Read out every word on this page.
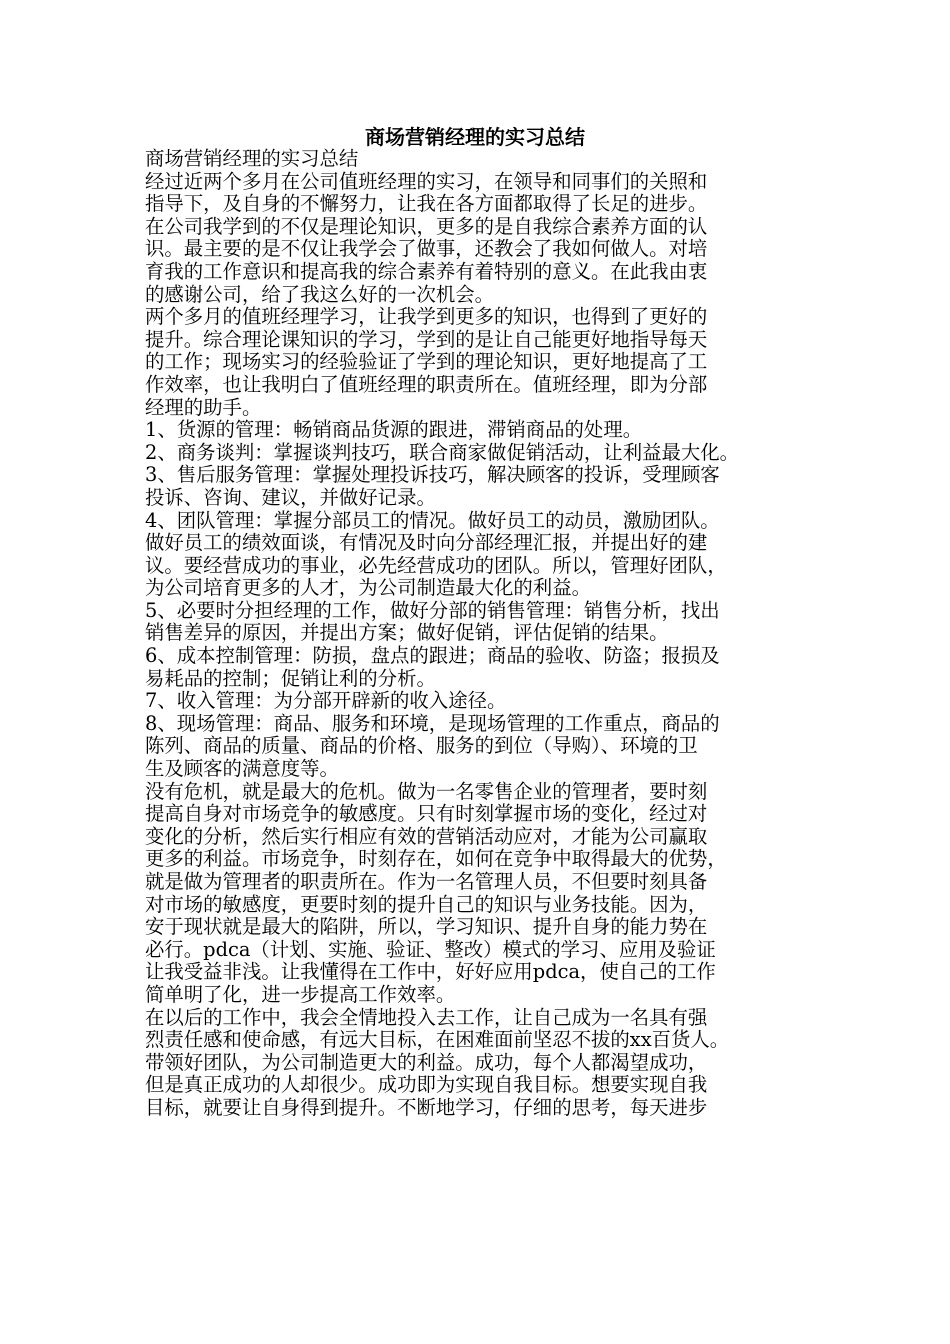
商场营销经理的实习总结
商场营销经理的实习总结
经过近两个多月在公司值班经理的实习，在领导和同事们的关照和
指导下，及自身的不懈努力，让我在各方面都取得了长足的进步。
在公司我学到的不仅是理论知识，更多的是自我综合素养方面的认
识。最主要的是不仅让我学会了做事，还教会了我如何做人。对培
育我的工作意识和提高我的综合素养有着特别的意义。在此我由衷
的感谢公司，给了我这么好的一次机会。
两个多月的值班经理学习，让我学到更多的知识，也得到了更好的
提升。综合理论课知识的学习，学到的是让自己能更好地指导每天
的工作；现场实习的经验验证了学到的理论知识，更好地提高了工
作效率，也让我明白了值班经理的职责所在。值班经理，即为分部
经理的助手。
1、货源的管理：畅销商品货源的跟进，滞销商品的处理。
2、商务谈判：掌握谈判技巧，联合商家做促销活动，让利益最大化。
3、售后服务管理：掌握处理投诉技巧，解决顾客的投诉，受理顾客
投诉、咨询、建议，并做好记录。
4、团队管理：掌握分部员工的情况。做好员工的动员，激励团队。
做好员工的绩效面谈，有情况及时向分部经理汇报，并提出好的建
议。要经营成功的事业，必先经营成功的团队。所以，管理好团队，
为公司培育更多的人才，为公司制造最大化的利益。
5、必要时分担经理的工作，做好分部的销售管理：销售分析，找出
销售差异的原因，并提出方案；做好促销，评估促销的结果。
6、成本控制管理：防损，盘点的跟进；商品的验收、防盗；报损及
易耗品的控制；促销让利的分析。
7、收入管理：为分部开辟新的收入途径。
8、现场管理：商品、服务和环境，是现场管理的工作重点，商品的
陈列、商品的质量、商品的价格、服务的到位（导购）、环境的卫
生及顾客的满意度等。
没有危机，就是最大的危机。做为一名零售企业的管理者，要时刻
提高自身对市场竞争的敏感度。只有时刻掌握市场的变化，经过对
变化的分析，然后实行相应有效的营销活动应对，才能为公司赢取
更多的利益。市场竞争，时刻存在，如何在竞争中取得最大的优势，
就是做为管理者的职责所在。作为一名管理人员，不但要时刻具备
对市场的敏感度，更要时刻的提升自己的知识与业务技能。因为，
安于现状就是最大的陷阱，所以，学习知识、提升自身的能力势在
必行。pdca（计划、实施、验证、整改）模式的学习、应用及验证
让我受益非浅。让我懂得在工作中，好好应用pdca，使自己的工作
简单明了化，进一步提高工作效率。
在以后的工作中，我会全情地投入去工作，让自己成为一名具有强
烈责任感和使命感，有远大目标，在困难面前坚忍不拔的xx百货人。
带领好团队，为公司制造更大的利益。成功，每个人都渴望成功，
但是真正成功的人却很少。成功即为实现自我目标。想要实现自我
目标，就要让自身得到提升。不断地学习，仔细的思考，每天进步
